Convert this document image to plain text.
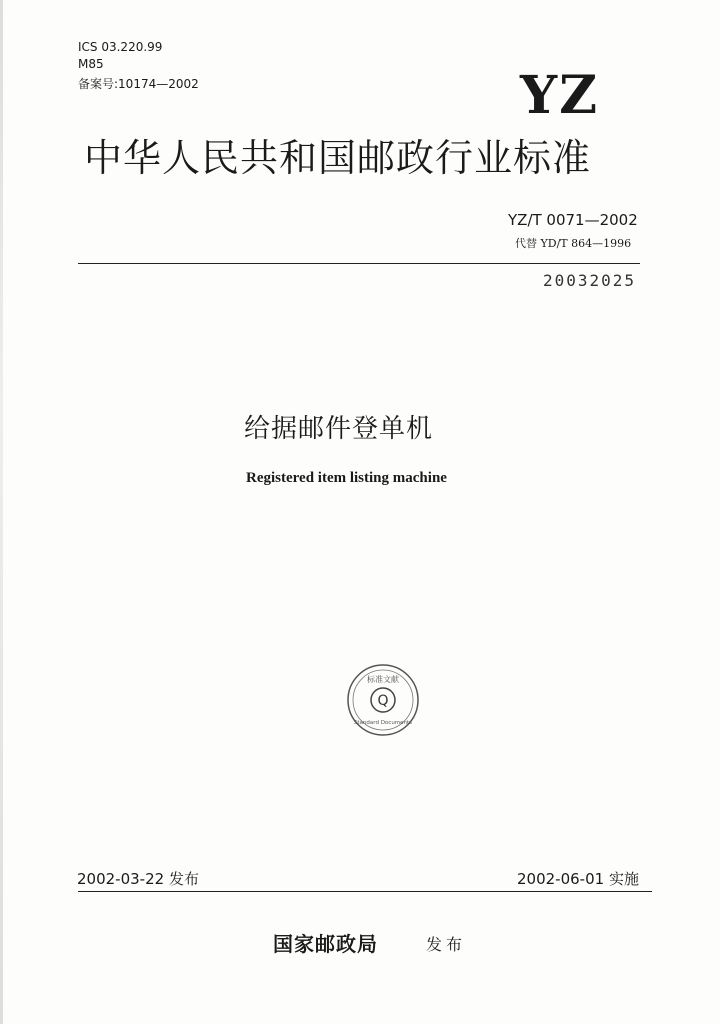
ICS 03.220.99
M85
备案号:10174—2002	YZ
中华人民共和国邮政行业标准
YZ/T 0071—2002
代替 YD/T 864—1996
20032025
给据邮件登单机
Registered item listing machine
Q
标准文献
Standard Documents
2002-03-22 发布	2002-06-01 实施
国家邮政局	发布
